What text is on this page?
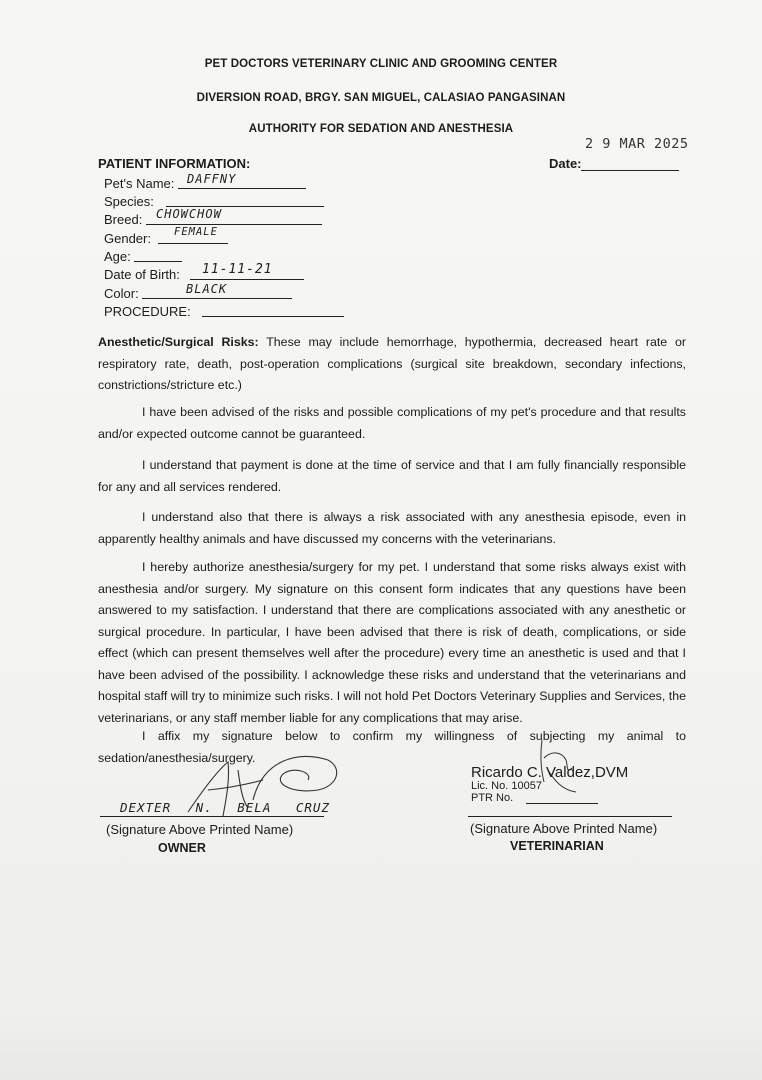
PET DOCTORS VETERINARY CLINIC AND GROOMING CENTER
DIVERSION ROAD, BRGY. SAN MIGUEL, CALASIAO PANGASINAN
AUTHORITY FOR SEDATION AND ANESTHESIA
2 9 MAR 2025
Date:
PATIENT INFORMATION:
Pet's Name: DAFFNY
Species:
Breed: CHOWCHOW
Gender: FEMALE
Age:
Date of Birth: 11-11-21
Color:	BLACK
PROCEDURE:
Anesthetic/Surgical Risks: These may include hemorrhage, hypothermia, decreased heart rate or respiratory rate, death, post-operation complications (surgical site breakdown, secondary infections, constrictions/stricture etc.)
I have been advised of the risks and possible complications of my pet's procedure and that results and/or expected outcome cannot be guaranteed.
I understand that payment is done at the time of service and that I am fully financially responsible for any and all services rendered.
I understand also that there is always a risk associated with any anesthesia episode, even in apparently healthy animals and have discussed my concerns with the veterinarians.
I hereby authorize anesthesia/surgery for my pet. I understand that some risks always exist with anesthesia and/or surgery. My signature on this consent form indicates that any questions have been answered to my satisfaction. I understand that there are complications associated with any anesthetic or surgical procedure. In particular, I have been advised that there is risk of death, complications, or side effect (which can present themselves well after the procedure) every time an anesthetic is used and that I have been advised of the possibility. I acknowledge these risks and understand that the veterinarians and hospital staff will try to minimize such risks. I will not hold Pet Doctors Veterinary Supplies and Services, the veterinarians, or any staff member liable for any complications that may arise.
I affix my signature below to confirm my willingness of subjecting my animal to sedation/anesthesia/surgery.
DEXTER N. BELA CRUZ
(Signature Above Printed Name)
OWNER
Ricardo C. Valdez,DVM
Lic. No. 10057
PTR No.
(Signature Above Printed Name)
VETERINARIAN
